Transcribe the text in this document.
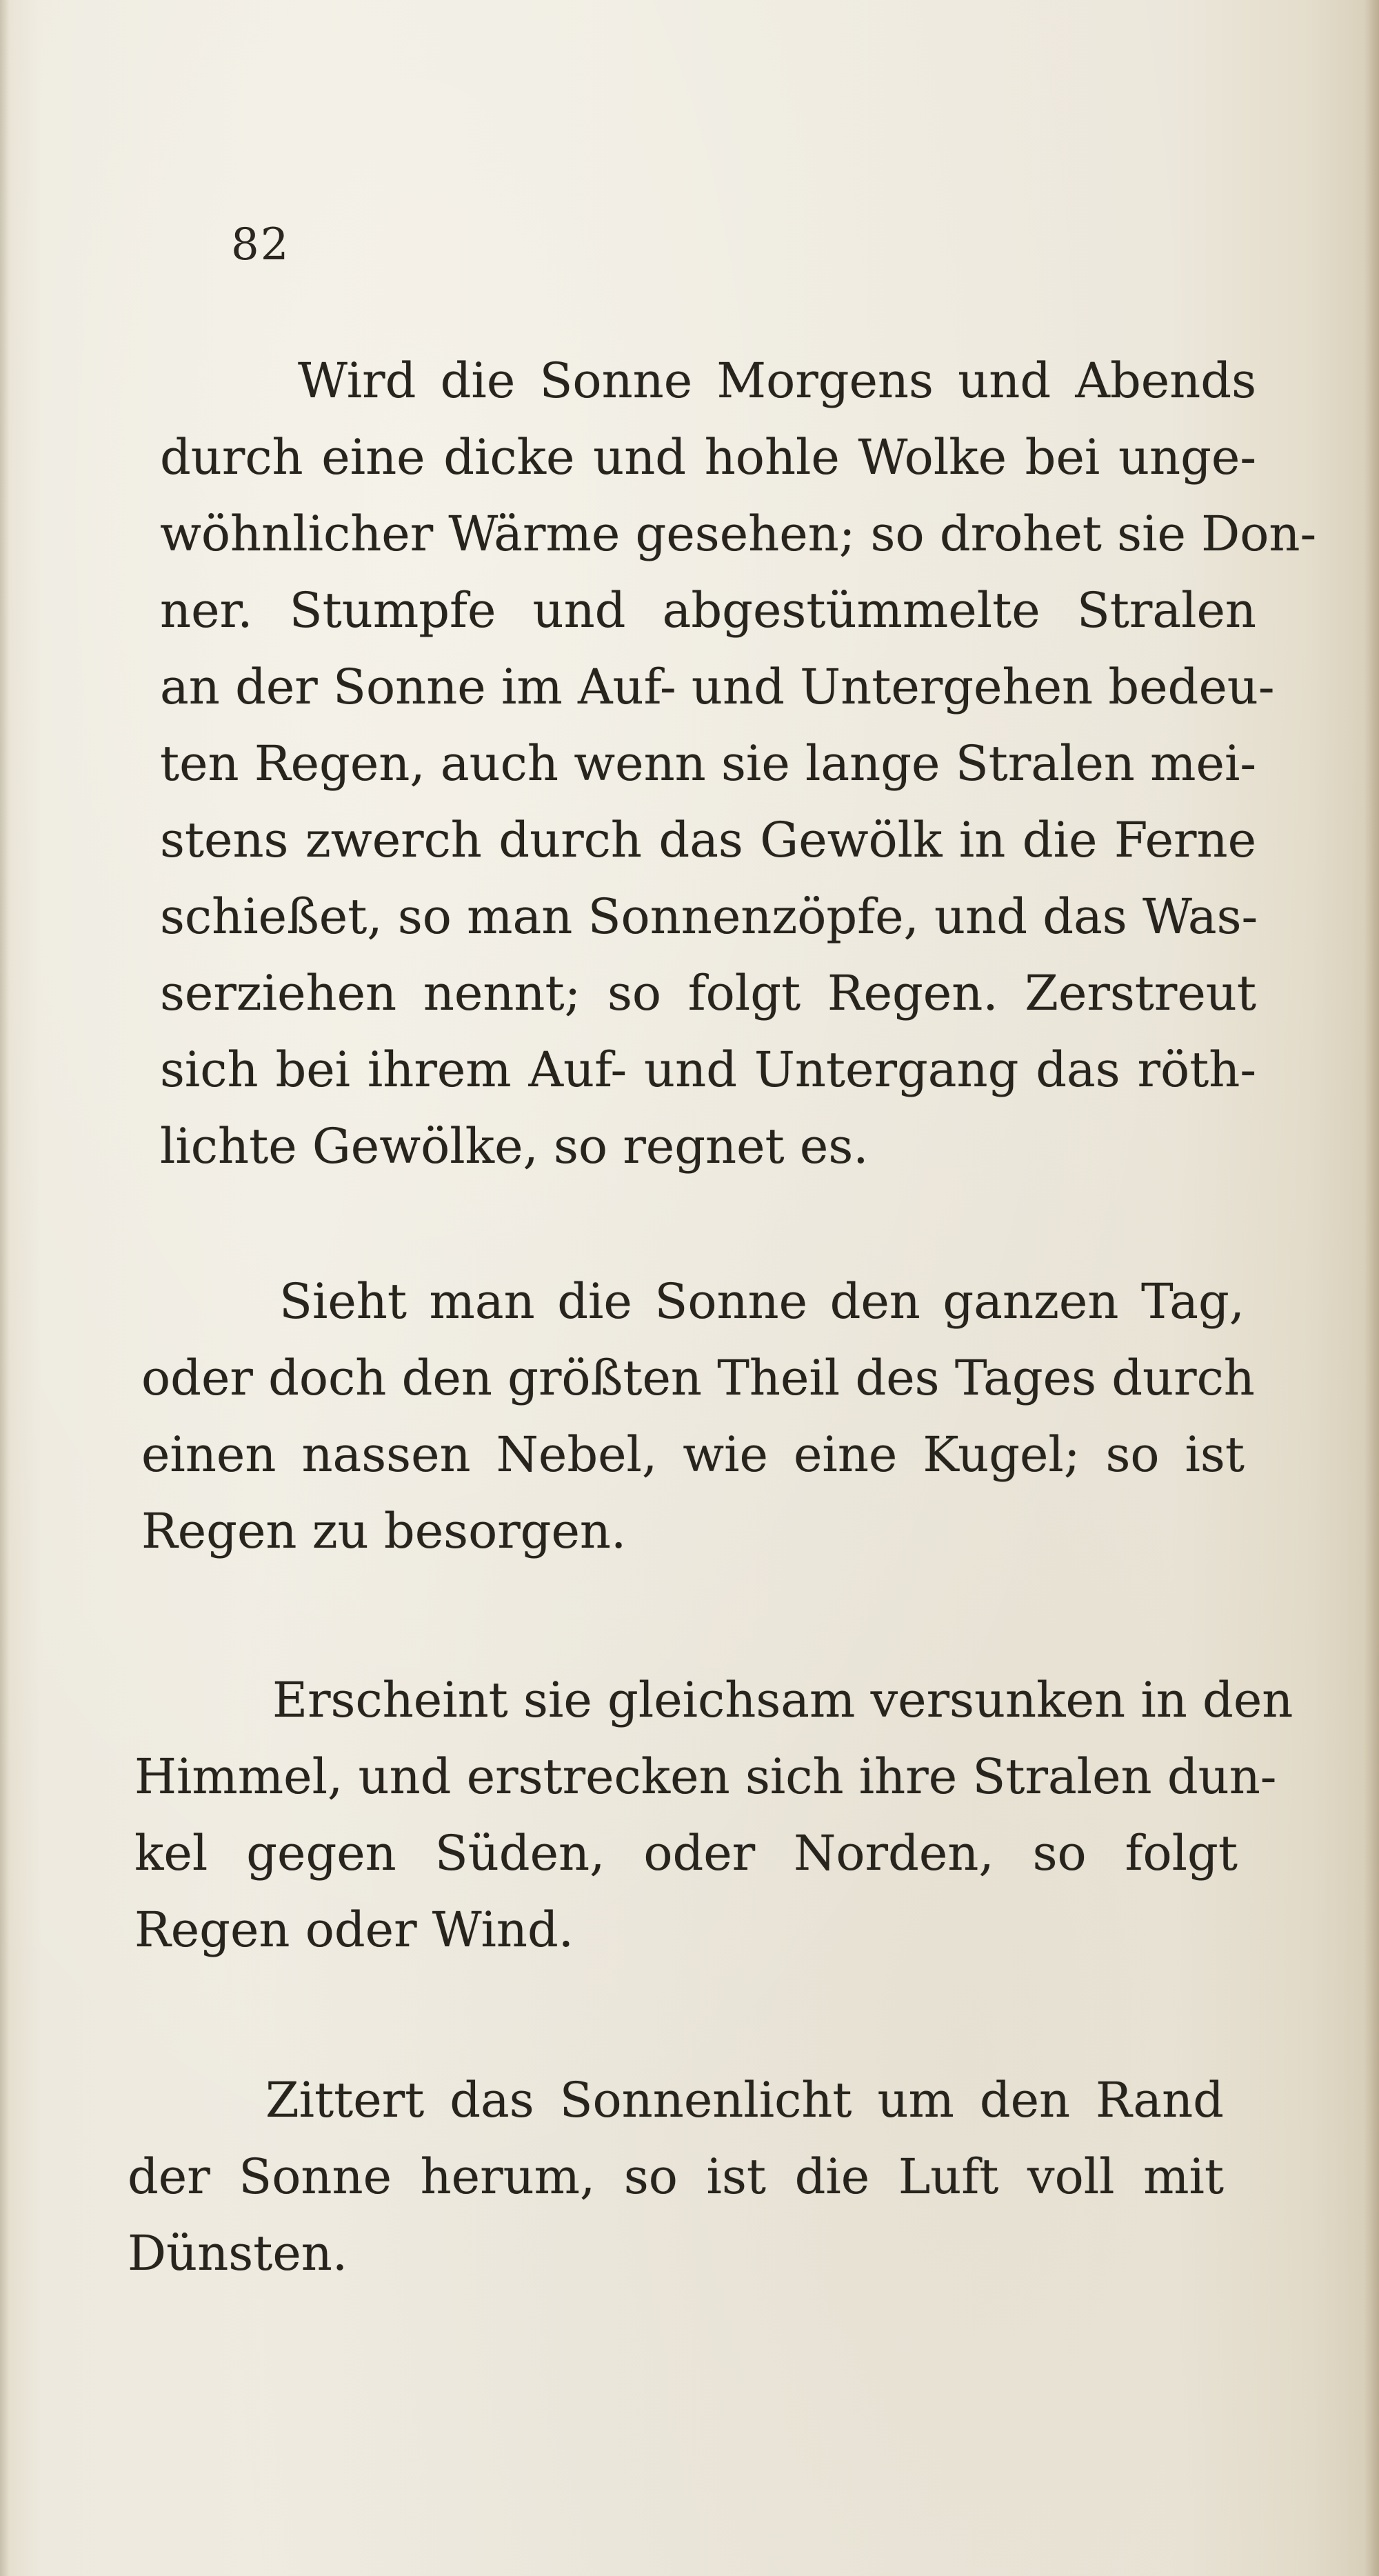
82
Wird die Sonne Morgens und Abends
durch eine dicke und hohle Wolke bei unge-
wöhnlicher Wärme gesehen; so drohet sie Don-
ner. Stumpfe und abgestümmelte Stralen
an der Sonne im Auf- und Untergehen bedeu-
ten Regen, auch wenn sie lange Stralen mei-
stens zwerch durch das Gewölk in die Ferne
schießet, so man Sonnenzöpfe, und das Was-
serziehen nennt; so folgt Regen. Zerstreut
sich bei ihrem Auf- und Untergang das röth-
lichte Gewölke, so regnet es.
Sieht man die Sonne den ganzen Tag,
oder doch den größten Theil des Tages durch
einen nassen Nebel, wie eine Kugel; so ist
Regen zu besorgen.
Erscheint sie gleichsam versunken in den
Himmel, und erstrecken sich ihre Stralen dun-
kel gegen Süden, oder Norden, so folgt
Regen oder Wind.
Zittert das Sonnenlicht um den Rand
der Sonne herum, so ist die Luft voll mit
Dünsten.
